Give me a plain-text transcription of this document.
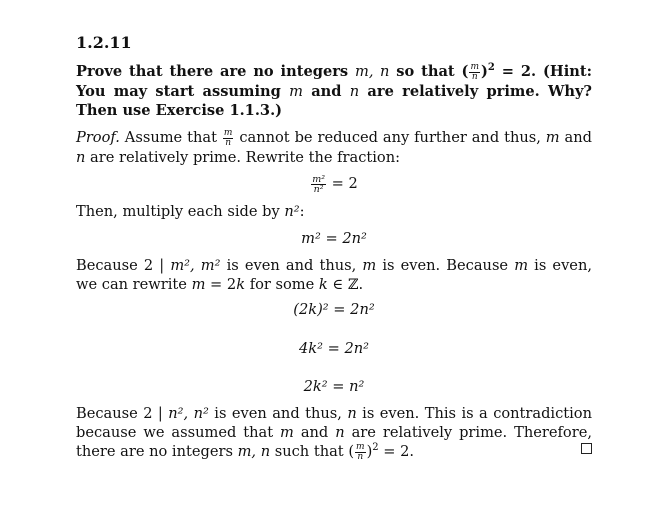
1.2.11
Prove that there are no integers m, n so that ( $\frac{m}{n} )^2 = 2$. (Hint: You may start assuming m and n are relatively prime. Why? Then use Exercise 1.1.3.)
Proof. Assume that $\frac{m}{n}$ cannot be reduced any further and thus, m and n are relatively prime. Rewrite the fraction:
$\frac{\text{m²}}{\text{n²}} = 2$
Then, multiply each side by n²:
m² = 2n²
Because 2 | m², m² is even and thus, m is even. Because m is even, we can rewrite m = 2k for some k ∈ ℤ.
(2k)² = 2n²
4k² = 2n²
2k² = n²
Because 2 | n², n² is even and thus, n is even. This is a contradiction because we assumed that m and n are relatively prime. Therefore, there are no integers m, n such that ( $\frac{m}{n} )^2 = 2$.
